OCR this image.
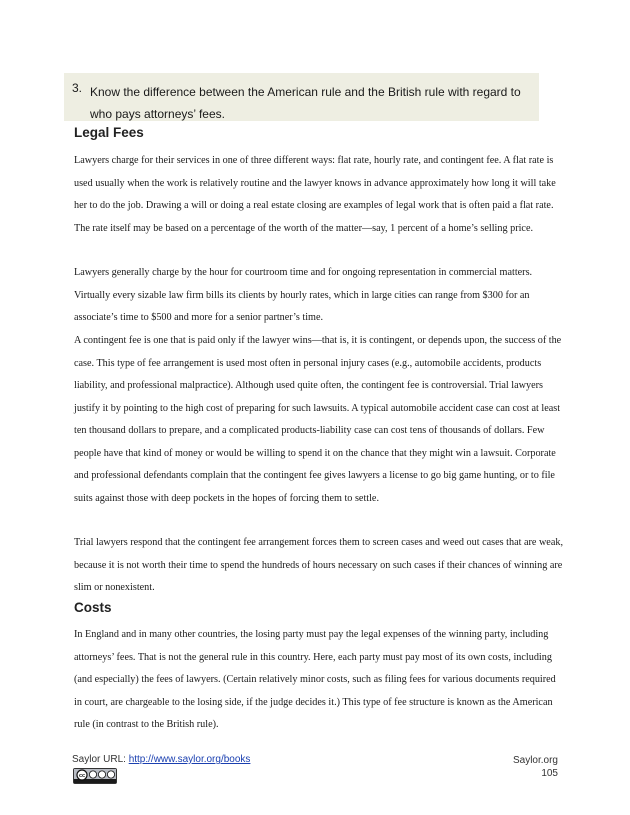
3. Know the difference between the American rule and the British rule with regard to who pays attorneys’ fees.
Legal Fees

Lawyers charge for their services in one of three different ways: flat rate, hourly rate, and contingent fee. A flat rate is used usually when the work is relatively routine and the lawyer knows in advance approximately how long it will take her to do the job. Drawing a will or doing a real estate closing are examples of legal work that is often paid a flat rate. The rate itself may be based on a percentage of the worth of the matter—say, 1 percent of a home’s selling price.

Lawyers generally charge by the hour for courtroom time and for ongoing representation in commercial matters. Virtually every sizable law firm bills its clients by hourly rates, which in large cities can range from $300 for an associate’s time to $500 and more for a senior partner’s time.

A contingent fee is one that is paid only if the lawyer wins—that is, it is contingent, or depends upon, the success of the case. This type of fee arrangement is used most often in personal injury cases (e.g., automobile accidents, products liability, and professional malpractice). Although used quite often, the contingent fee is controversial. Trial lawyers justify it by pointing to the high cost of preparing for such lawsuits. A typical automobile accident case can cost at least ten thousand dollars to prepare, and a complicated products-liability case can cost tens of thousands of dollars. Few people have that kind of money or would be willing to spend it on the chance that they might win a lawsuit. Corporate and professional defendants complain that the contingent fee gives lawyers a license to go big game hunting, or to file suits against those with deep pockets in the hopes of forcing them to settle.

Trial lawyers respond that the contingent fee arrangement forces them to screen cases and weed out cases that are weak, because it is not worth their time to spend the hundreds of hours necessary on such cases if their chances of winning are slim or nonexistent.

Costs

In England and in many other countries, the losing party must pay the legal expenses of the winning party, including attorneys’ fees. That is not the general rule in this country. Here, each party must pay most of its own costs, including (and especially) the fees of lawyers. (Certain relatively minor costs, such as filing fees for various documents required in court, are chargeable to the losing side, if the judge decides it.) This type of fee structure is known as the American rule (in contrast to the British rule).

Saylor URL: http://www.saylor.org/books
cc
Saylor.org
105
